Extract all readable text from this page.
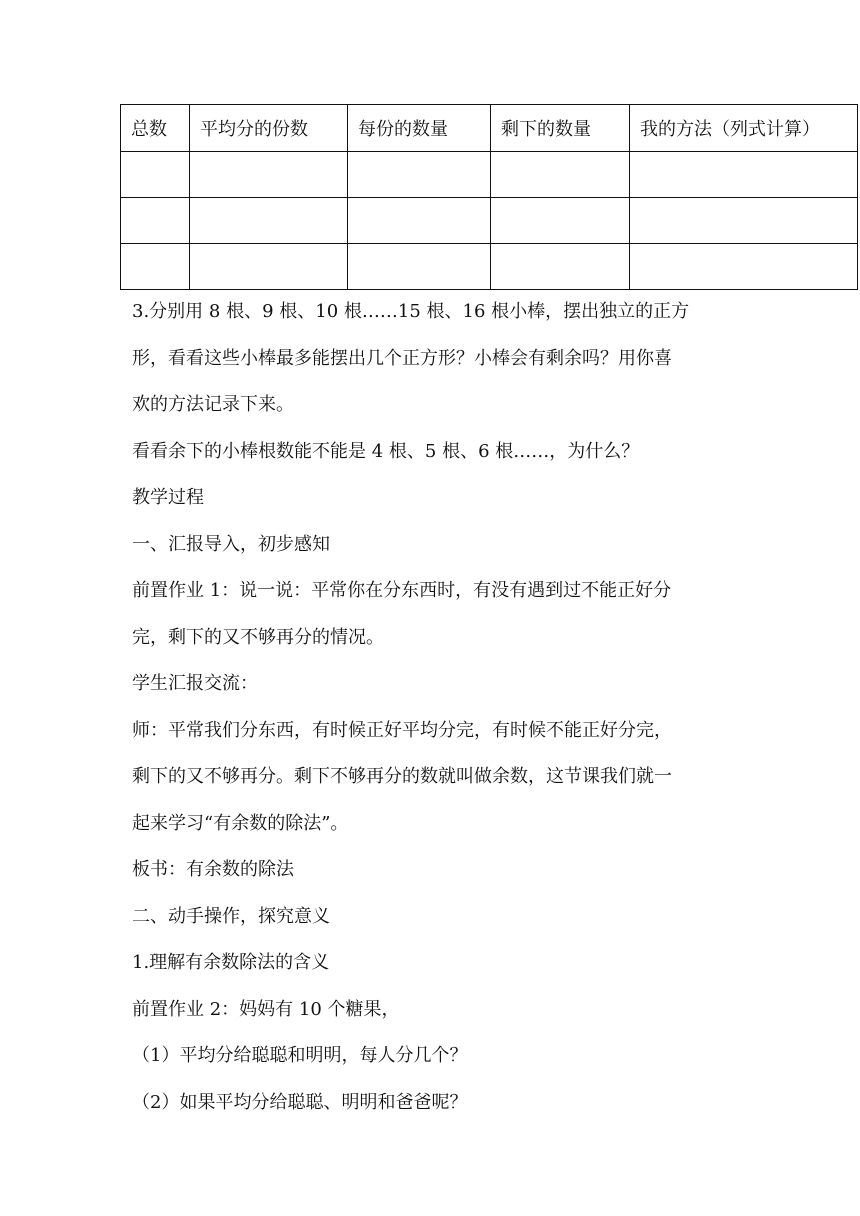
总数	平均分的份数	每份的数量	剩下的数量	我的方法（列式计算）

3.分别用 8 根、9 根、10 根……15 根、16 根小棒，摆出独立的正方
形，看看这些小棒最多能摆出几个正方形？小棒会有剩余吗？用你喜
欢的方法记录下来。
看看余下的小棒根数能不能是 4 根、5 根、6 根……，为什么？
教学过程
一、汇报导入，初步感知
前置作业 1：说一说：平常你在分东西时，有没有遇到过不能正好分
完，剩下的又不够再分的情况。
学生汇报交流：
师：平常我们分东西，有时候正好平均分完，有时候不能正好分完，
剩下的又不够再分。剩下不够再分的数就叫做余数，这节课我们就一
起来学习“有余数的除法”。
板书：有余数的除法
二、动手操作，探究意义
1.理解有余数除法的含义
前置作业 2：妈妈有 10 个糖果，
（1）平均分给聪聪和明明，每人分几个？
（2）如果平均分给聪聪、明明和爸爸呢？
